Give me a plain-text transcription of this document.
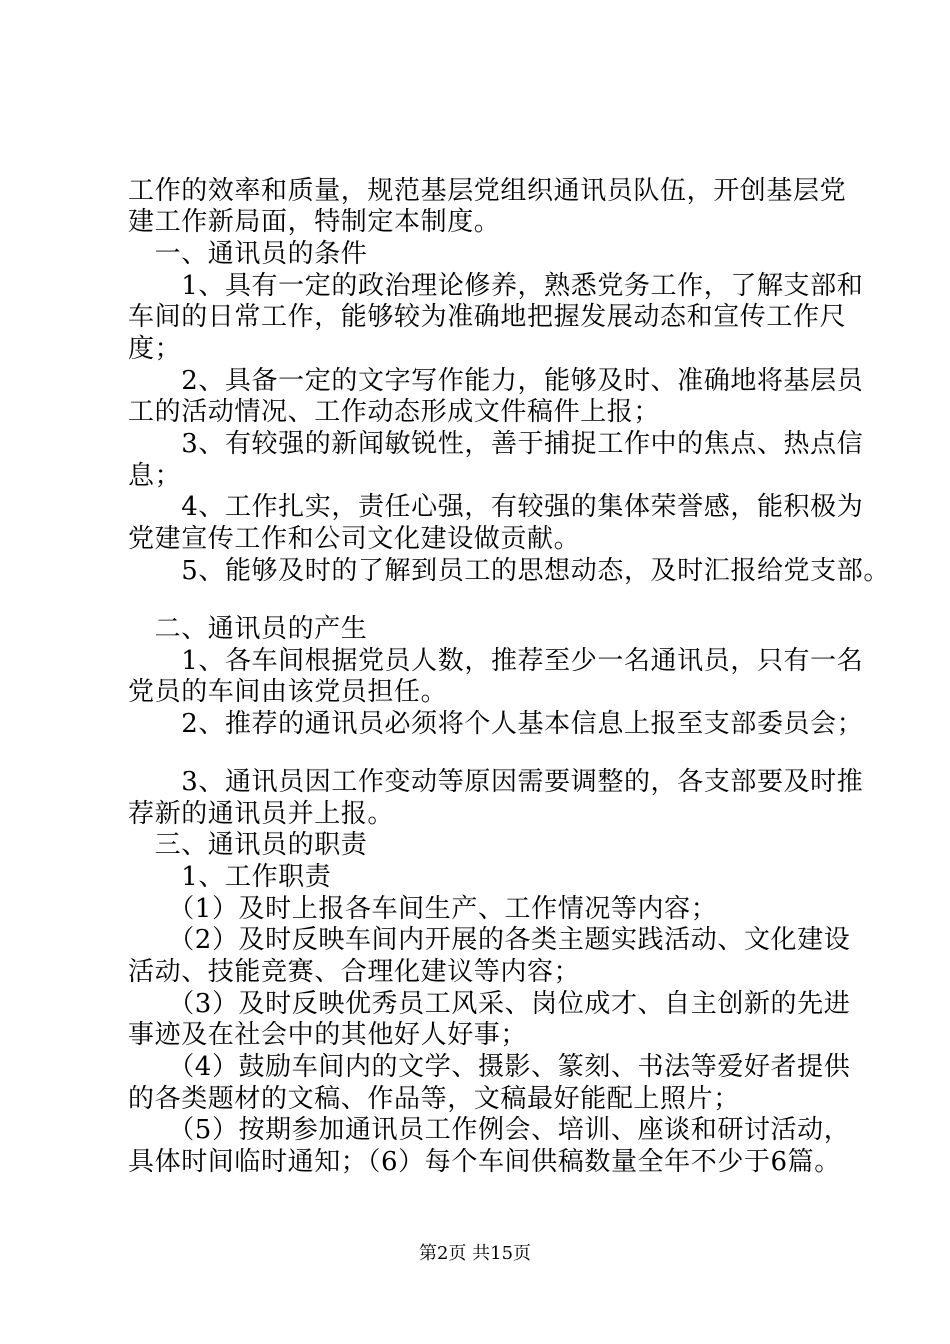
工作的效率和质量，规范基层党组织通讯员队伍，开创基层党
建工作新局面，特制定本制度。
　一、通讯员的条件
　　1、具有一定的政治理论修养，熟悉党务工作，了解支部和
车间的日常工作，能够较为准确地把握发展动态和宣传工作尺
度；
　　2、具备一定的文字写作能力，能够及时、准确地将基层员
工的活动情况、工作动态形成文件稿件上报；
　　3、有较强的新闻敏锐性，善于捕捉工作中的焦点、热点信
息；
　　4、工作扎实，责任心强，有较强的集体荣誉感，能积极为
党建宣传工作和公司文化建设做贡献。
　　5、能够及时的了解到员工的思想动态，及时汇报给党支部。
　二、通讯员的产生
　　1、各车间根据党员人数，推荐至少一名通讯员，只有一名
党员的车间由该党员担任。
　　2、推荐的通讯员必须将个人基本信息上报至支部委员会；
　　3、通讯员因工作变动等原因需要调整的，各支部要及时推
荐新的通讯员并上报。
　三、通讯员的职责
　　1、工作职责
　　（1）及时上报各车间生产、工作情况等内容；
　　（2）及时反映车间内开展的各类主题实践活动、文化建设
活动、技能竞赛、合理化建议等内容；
　　（3）及时反映优秀员工风采、岗位成才、自主创新的先进
事迹及在社会中的其他好人好事；
　　（4）鼓励车间内的文学、摄影、篆刻、书法等爱好者提供
的各类题材的文稿、作品等，文稿最好能配上照片；
　　（5）按期参加通讯员工作例会、培训、座谈和研讨活动，
具体时间临时通知；（6）每个车间供稿数量全年不少于6篇。
第2页 共15页
